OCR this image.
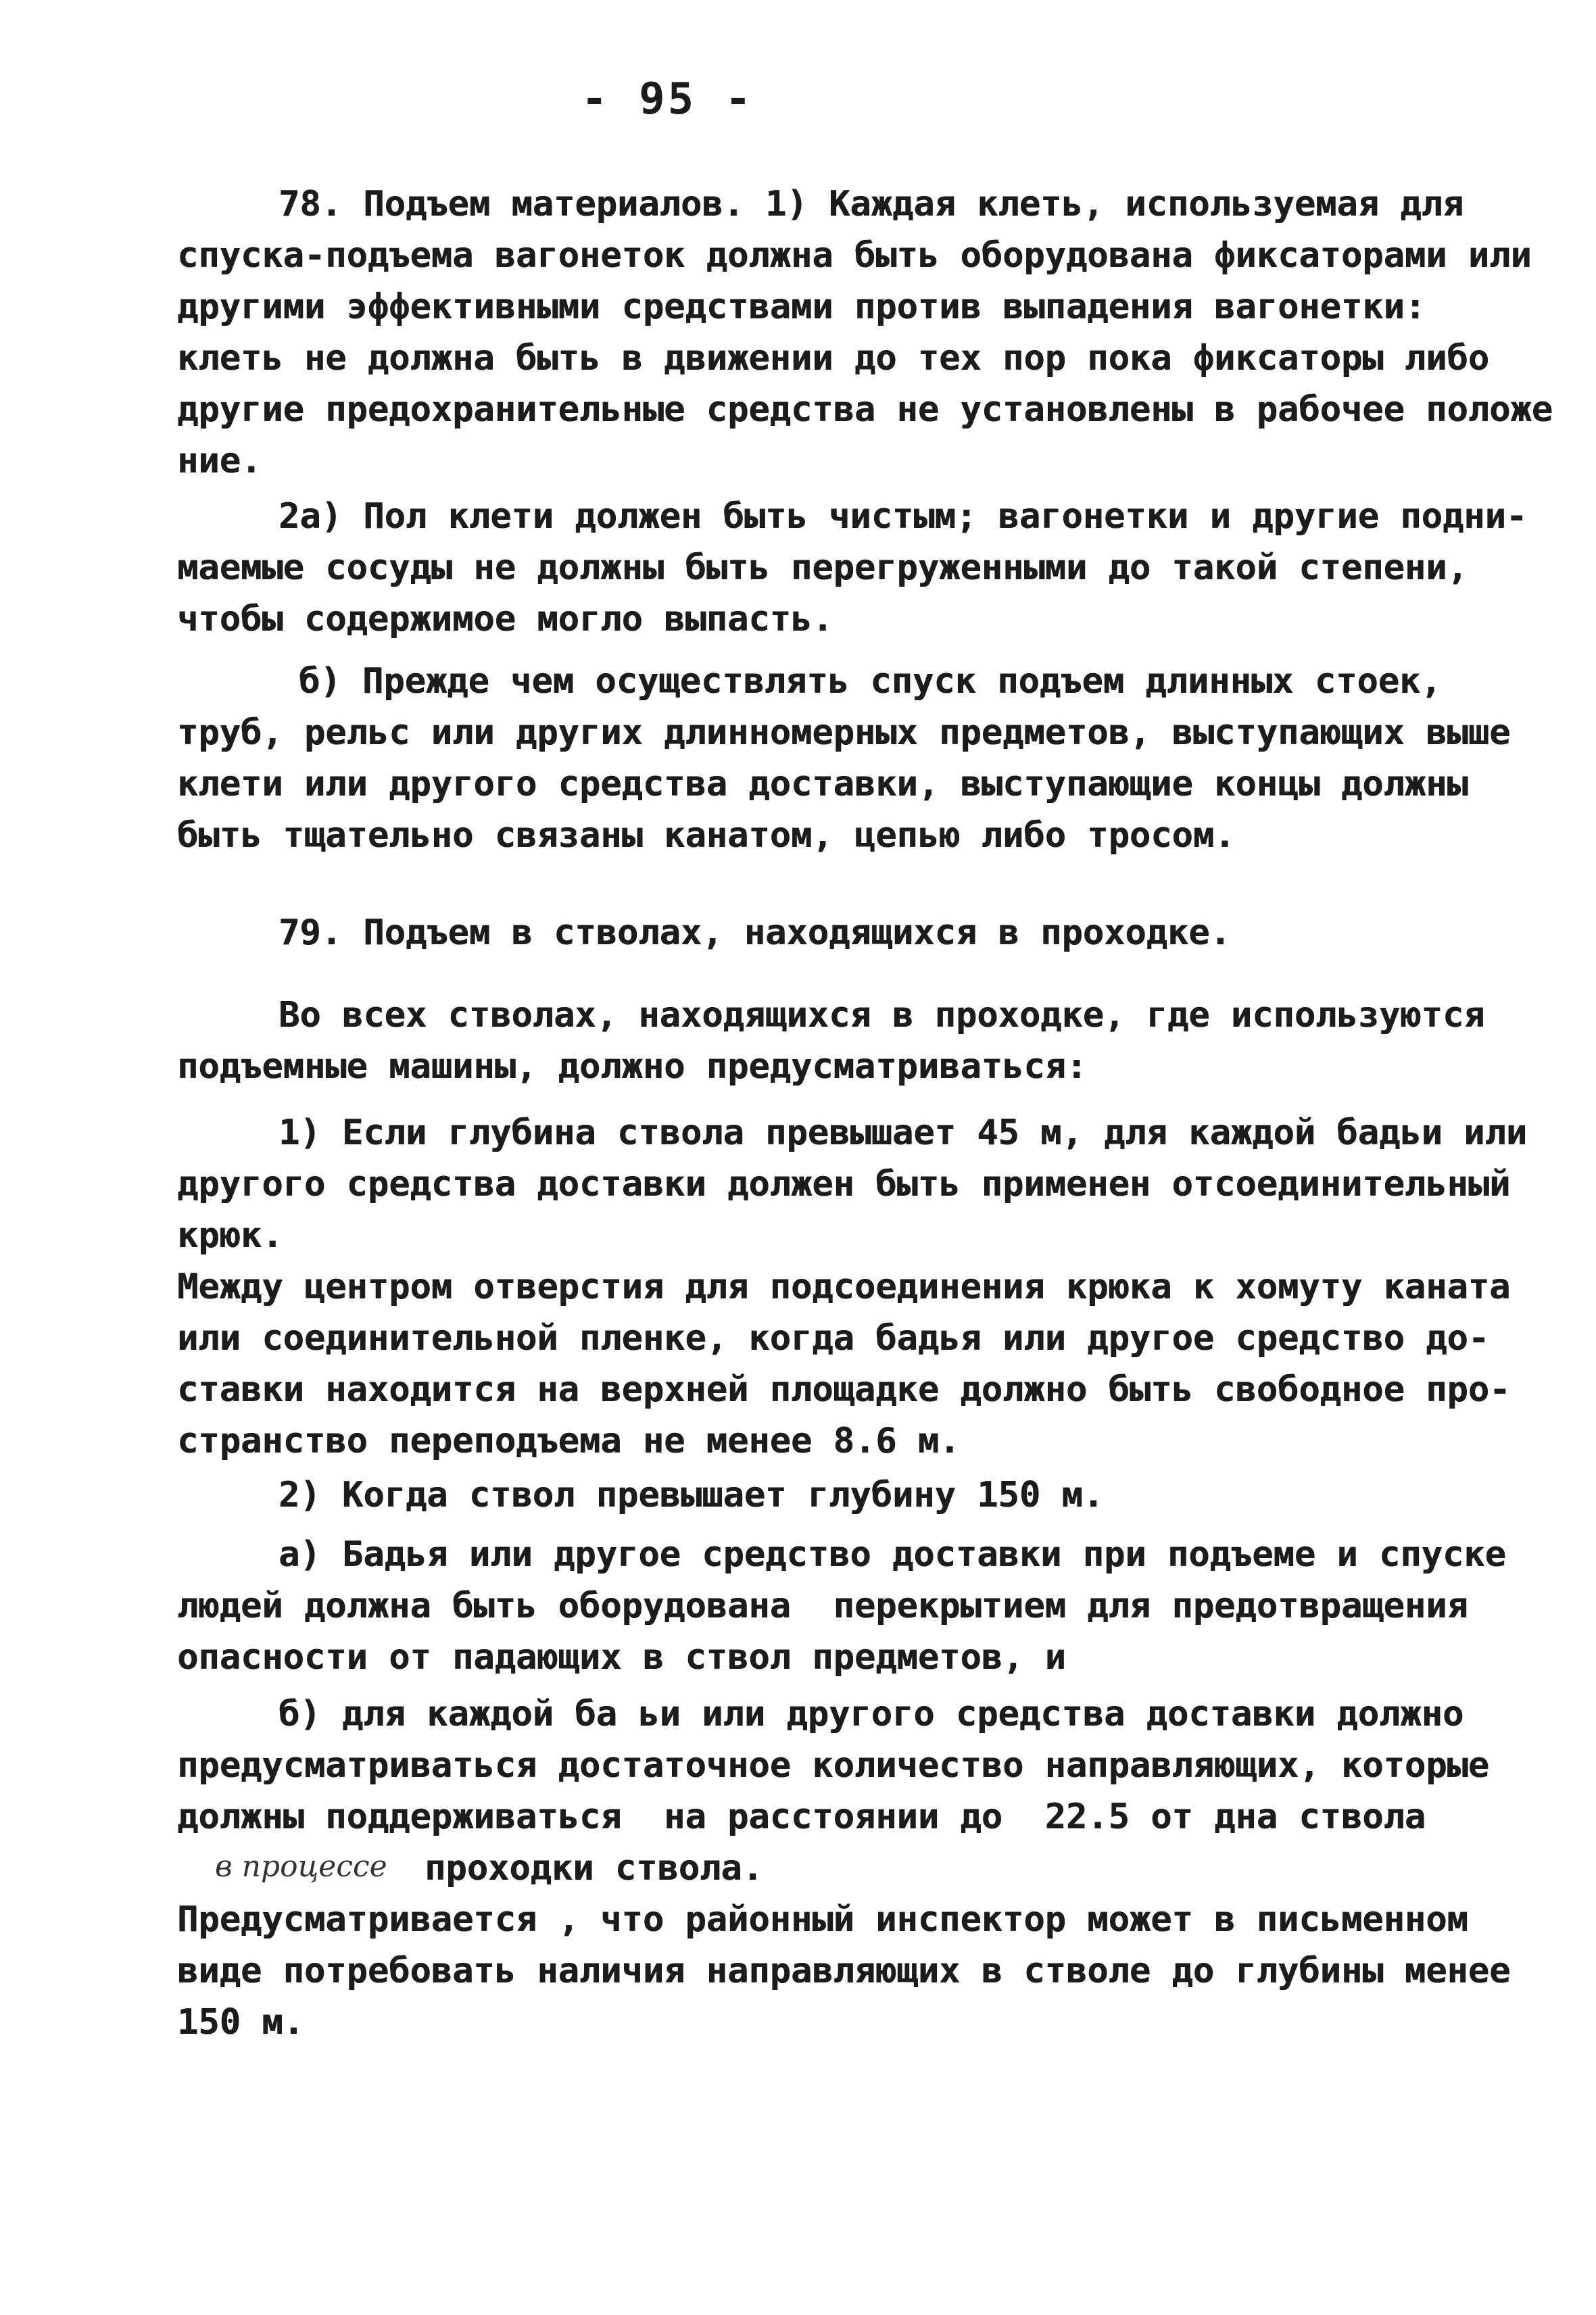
- 95 -
78. Подъем материалов. 1) Каждая клеть, используемая для
спуска-подъема вагонеток должна быть оборудована фиксаторами или
другими эффективными средствами против выпадения вагонетки:
клеть не должна быть в движении до тех пор пока фиксаторы либо
другие предохранительные средства не установлены в рабочее положе
ние.
2а) Пол клети должен быть чистым; вагонетки и другие подни-
маемые сосуды не должны быть перегруженными до такой степени,
чтобы содержимое могло выпасть.
б) Прежде чем осуществлять спуск подъем длинных стоек,
труб, рельс или других длинномерных предметов, выступающих выше
клети или другого средства доставки, выступающие концы должны
быть тщательно связаны канатом, цепью либо тросом.
79. Подъем в стволах, находящихся в проходке.
Во всех стволах, находящихся в проходке, где используются
подъемные машины, должно предусматриваться:
1) Если глубина ствола превышает 45 м, для каждой бадьи или
другого средства доставки должен быть применен отсоединительный
крюк.
Между центром отверстия для подсоединения крюка к хомуту каната
или соединительной пленке, когда бадья или другое средство до-
ставки находится на верхней площадке должно быть свободное про-
странство переподъема не менее 8.6 м.
2) Когда ствол превышает глубину 150 м.
а) Бадья или другое средство доставки при подъеме и спуске
людей должна быть оборудована  перекрытием для предотвращения
опасности от падающих в ствол предметов, и
б) для каждой ба ьи или другого средства доставки должно
предусматриваться достаточное количество направляющих, которые
должны поддерживаться  на расстоянии до  22.5 от дна ствола
в процессе проходки ствола.
Предусматривается , что районный инспектор может в письменном
виде потребовать наличия направляющих в стволе до глубины менее
150 м.
